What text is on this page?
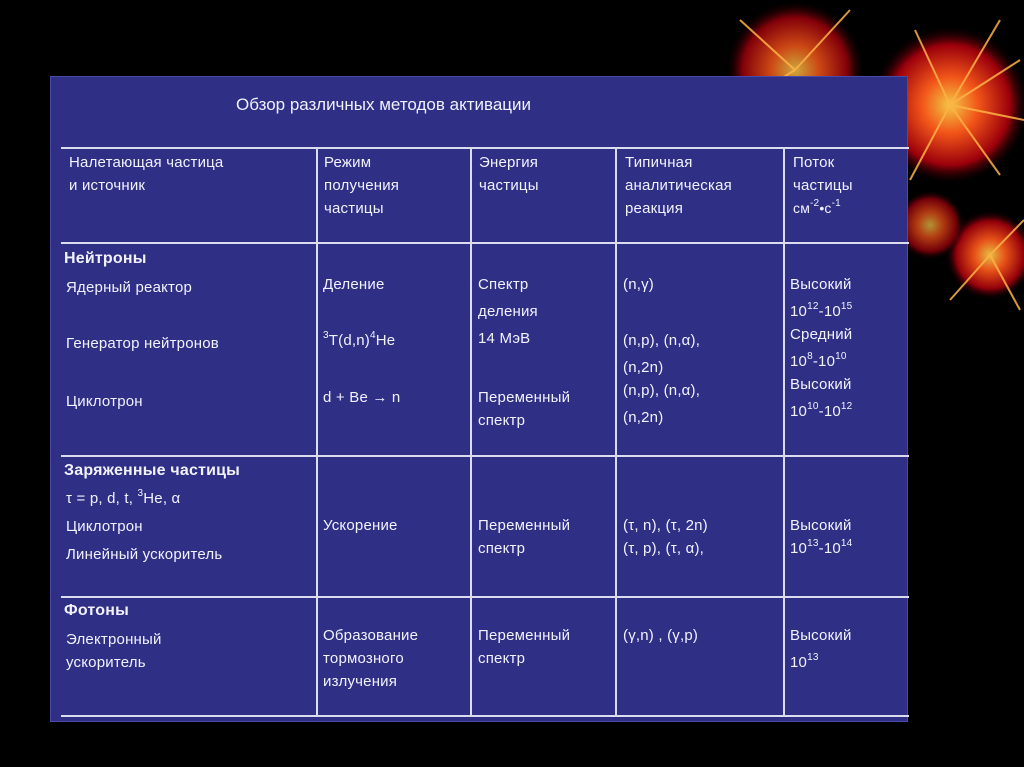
Обзор различных методов активации
Налетающая частица
и источник
Режим
получения
частицы
Энергия
частицы
Типичная
аналитическая
реакция
Поток
частицы
$см^{-2}•с^{-1}$
Нейтроны
Ядерный реактор
Генератор нейтронов
Циклотрон
Деление
$^3T(d,n)^4He$
d + Be → n
Спектр
деления
14 МэВ
Переменный
спектр
(n,γ)
(n,p), (n,α),
(n,2n)
(n,p), (n,α),
(n,2n)
Высокий
$10^{12}-10^{15}$
Средний
$10^8-10^{10}$
Высокий
$10^{10}-10^{12}$
Заряженные частицы
τ = p, d, t, $^3$He, α
Циклотрон
Линейный ускоритель
Ускорение	Переменный
спектр
(τ, n), (τ, 2n)
(τ, p), (τ, α),
Высокий
$10^{13}-10^{14}$
Фотоны
Электронный
ускоритель
Образование
тормозного
излучения
Переменный
спектр
(γ,n) , (γ,p)	Высокий
$10^{13}$
